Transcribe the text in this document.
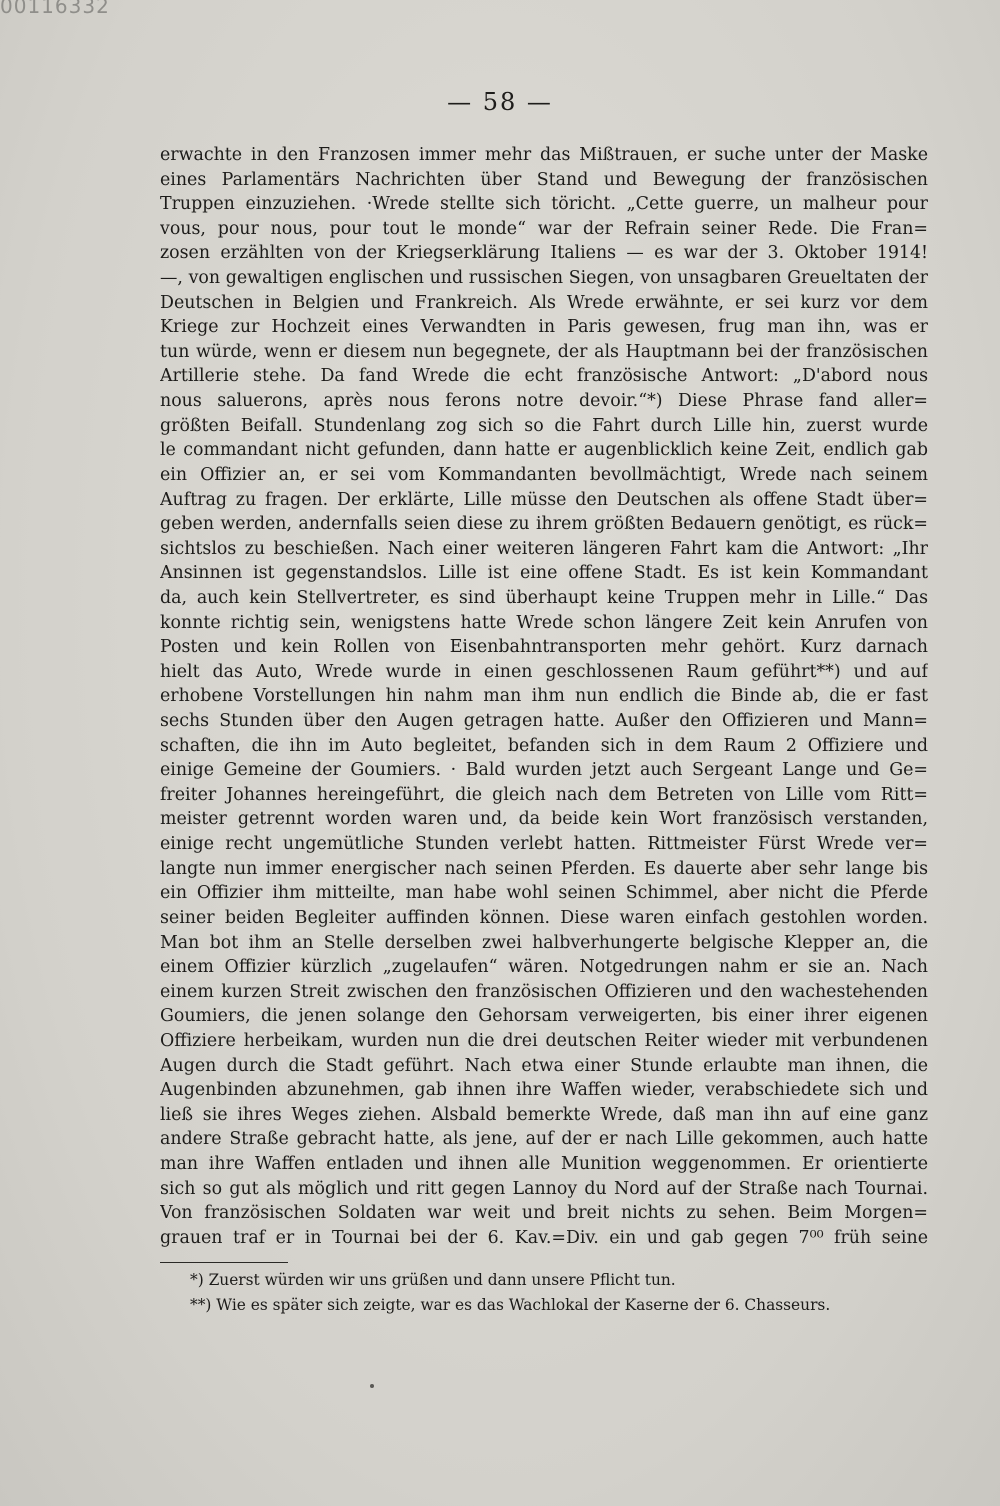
00116332
— 58 —
erwachte in den Franzosen immer mehr das Mißtrauen, er suche unter der Maske
eines Parlamentärs Nachrichten über Stand und Bewegung der französischen
Truppen einzuziehen. ·Wrede stellte sich töricht. „Cette guerre, un malheur pour
vous, pour nous, pour tout le monde“ war der Refrain seiner Rede. Die Fran=
zosen erzählten von der Kriegserklärung Italiens — es war der 3. Oktober 1914!
—, von gewaltigen englischen und russischen Siegen, von unsagbaren Greueltaten der
Deutschen in Belgien und Frankreich. Als Wrede erwähnte, er sei kurz vor dem
Kriege zur Hochzeit eines Verwandten in Paris gewesen, frug man ihn, was er
tun würde, wenn er diesem nun begegnete, der als Hauptmann bei der französischen
Artillerie stehe. Da fand Wrede die echt französische Antwort: „D'abord nous
nous saluerons, après nous ferons notre devoir.“*) Diese Phrase fand aller=
größten Beifall. Stundenlang zog sich so die Fahrt durch Lille hin, zuerst wurde
le commandant nicht gefunden, dann hatte er augenblicklich keine Zeit, endlich gab
ein Offizier an, er sei vom Kommandanten bevollmächtigt, Wrede nach seinem
Auftrag zu fragen. Der erklärte, Lille müsse den Deutschen als offene Stadt über=
geben werden, andernfalls seien diese zu ihrem größten Bedauern genötigt, es rück=
sichtslos zu beschießen. Nach einer weiteren längeren Fahrt kam die Antwort: „Ihr
Ansinnen ist gegenstandslos. Lille ist eine offene Stadt. Es ist kein Kommandant
da, auch kein Stellvertreter, es sind überhaupt keine Truppen mehr in Lille.“ Das
konnte richtig sein, wenigstens hatte Wrede schon längere Zeit kein Anrufen von
Posten und kein Rollen von Eisenbahntransporten mehr gehört. Kurz darnach
hielt das Auto, Wrede wurde in einen geschlossenen Raum geführt**) und auf
erhobene Vorstellungen hin nahm man ihm nun endlich die Binde ab, die er fast
sechs Stunden über den Augen getragen hatte. Außer den Offizieren und Mann=
schaften, die ihn im Auto begleitet, befanden sich in dem Raum 2 Offiziere und
einige Gemeine der Goumiers. · Bald wurden jetzt auch Sergeant Lange und Ge=
freiter Johannes hereingeführt, die gleich nach dem Betreten von Lille vom Ritt=
meister getrennt worden waren und, da beide kein Wort französisch verstanden,
einige recht ungemütliche Stunden verlebt hatten. Rittmeister Fürst Wrede ver=
langte nun immer energischer nach seinen Pferden. Es dauerte aber sehr lange bis
ein Offizier ihm mitteilte, man habe wohl seinen Schimmel, aber nicht die Pferde
seiner beiden Begleiter auffinden können. Diese waren einfach gestohlen worden.
Man bot ihm an Stelle derselben zwei halbverhungerte belgische Klepper an, die
einem Offizier kürzlich „zugelaufen“ wären. Notgedrungen nahm er sie an. Nach
einem kurzen Streit zwischen den französischen Offizieren und den wachestehenden
Goumiers, die jenen solange den Gehorsam verweigerten, bis einer ihrer eigenen
Offiziere herbeikam, wurden nun die drei deutschen Reiter wieder mit verbundenen
Augen durch die Stadt geführt. Nach etwa einer Stunde erlaubte man ihnen, die
Augenbinden abzunehmen, gab ihnen ihre Waffen wieder, verabschiedete sich und
ließ sie ihres Weges ziehen. Alsbald bemerkte Wrede, daß man ihn auf eine ganz
andere Straße gebracht hatte, als jene, auf der er nach Lille gekommen, auch hatte
man ihre Waffen entladen und ihnen alle Munition weggenommen. Er orientierte
sich so gut als möglich und ritt gegen Lannoy du Nord auf der Straße nach Tournai.
Von französischen Soldaten war weit und breit nichts zu sehen. Beim Morgen=
grauen traf er in Tournai bei der 6. Kav.=Div. ein und gab gegen 7⁰⁰ früh seine
*) Zuerst würden wir uns grüßen und dann unsere Pflicht tun.
**) Wie es später sich zeigte, war es das Wachlokal der Kaserne der 6. Chasseurs.
